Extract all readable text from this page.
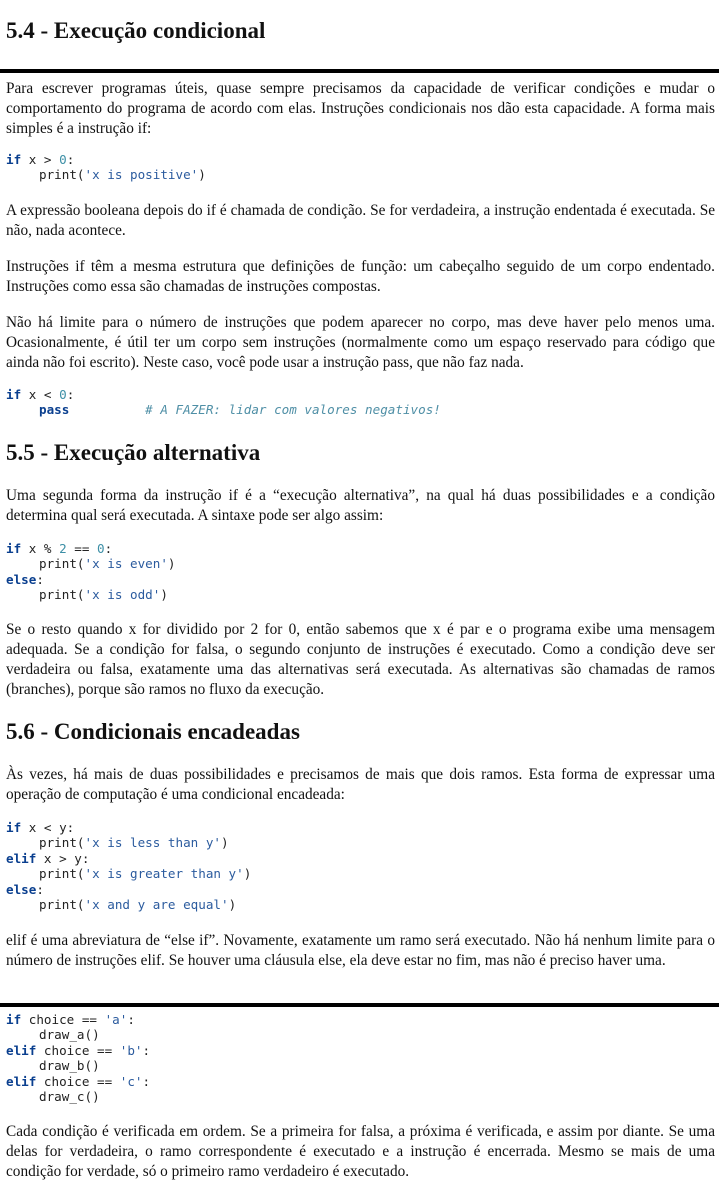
5.4 - Execução condicional

Para escrever programas úteis, quase sempre precisamos da capacidade de verificar condições e mudar o comportamento do programa de acordo com elas. Instruções condicionais nos dão esta capacidade. A forma mais simples é a instrução if:

if x > 0:
print('x is positive')

A expressão booleana depois do if é chamada de condição. Se for verdadeira, a instrução endentada é executada. Se não, nada acontece.

Instruções if têm a mesma estrutura que definições de função: um cabeçalho seguido de um corpo endentado. Instruções como essa são chamadas de instruções compostas.

Não há limite para o número de instruções que podem aparecer no corpo, mas deve haver pelo menos uma. Ocasionalmente, é útil ter um corpo sem instruções (normalmente como um espaço reservado para código que ainda não foi escrito). Neste caso, você pode usar a instrução pass, que não faz nada.

if x < 0:
pass	# A FAZER: lidar com valores negativos!
5.5 - Execução alternativa

Uma segunda forma da instrução if é a “execução alternativa”, na qual há duas possibilidades e a condição determina qual será executada. A sintaxe pode ser algo assim:

if x % 2 == 0:
print('x is even')
else:
print('x is odd')

Se o resto quando x for dividido por 2 for 0, então sabemos que x é par e o programa exibe uma mensagem adequada. Se a condição for falsa, o segundo conjunto de instruções é executado. Como a condição deve ser verdadeira ou falsa, exatamente uma das alternativas será executada. As alternativas são chamadas de ramos (branches), porque são ramos no fluxo da execução.

5.6 - Condicionais encadeadas

Às vezes, há mais de duas possibilidades e precisamos de mais que dois ramos. Esta forma de expressar uma operação de computação é uma condicional encadeada:

if x < y:
print('x is less than y')
elif x > y:
print('x is greater than y')
else:
print('x and y are equal')

elif é uma abreviatura de “else if”. Novamente, exatamente um ramo será executado. Não há nenhum limite para o número de instruções elif. Se houver uma cláusula else, ela deve estar no fim, mas não é preciso haver uma.

if choice == 'a':
draw_a()
elif choice == 'b':
draw_b()
elif choice == 'c':
draw_c()

Cada condição é verificada em ordem. Se a primeira for falsa, a próxima é verificada, e assim por diante. Se uma delas for verdadeira, o ramo correspondente é executado e a instrução é encerrada. Mesmo se mais de uma condição for verdade, só o primeiro ramo verdadeiro é executado.
